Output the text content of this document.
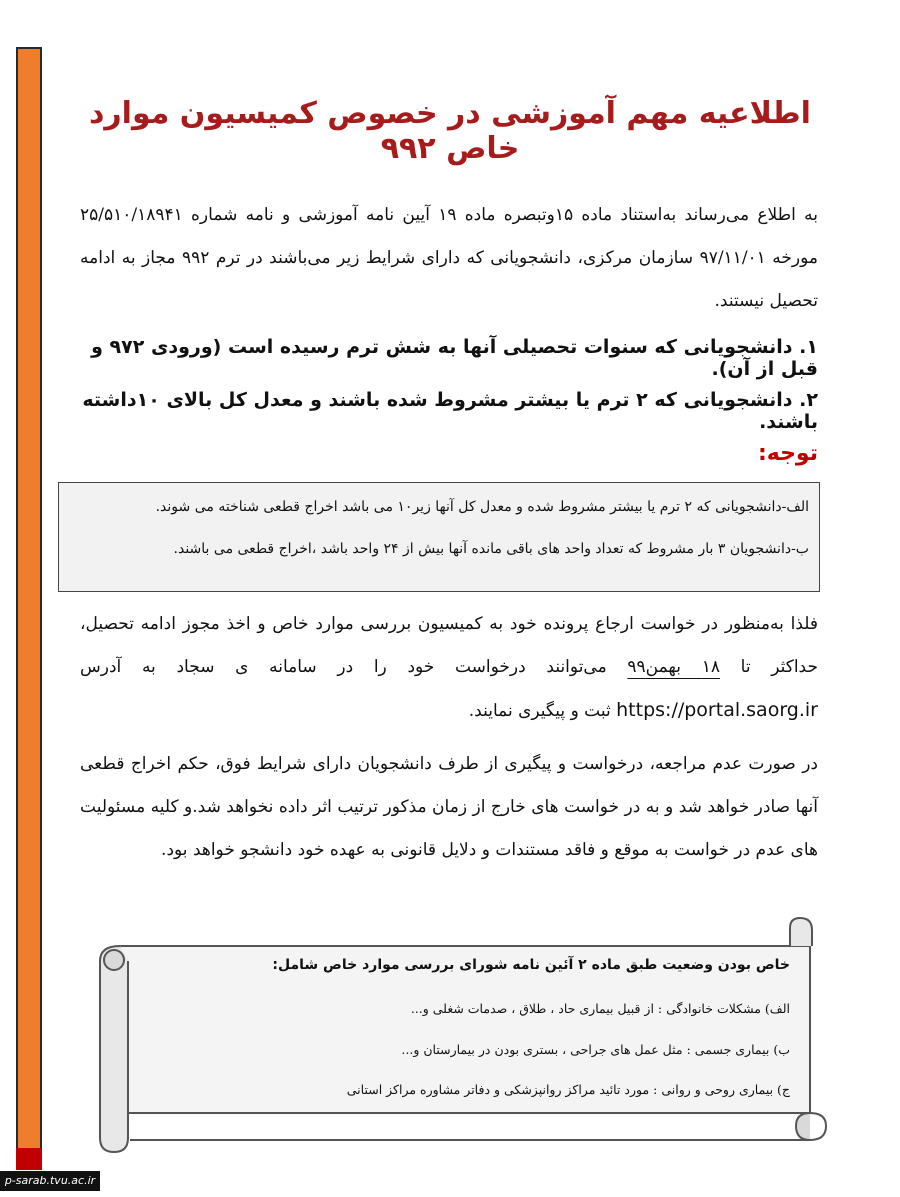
p-sarab.tvu.ac.ir
اطلاعیه مهم آموزشی در خصوص کمیسیون موارد خاص ۹۹۲

به اطلاع می‌رساند به‌استناد ماده ۱۵وتبصره ماده ۱۹ آیین نامه آموزشی و نامه شماره ۲۵/۵۱۰/۱۸۹۴۱ مورخه ۹۷/۱۱/۰۱ سازمان مرکزی، دانشجویانی که دارای شرایط زیر می‌باشند در ترم ۹۹۲ مجاز به ادامه تحصیل نیستند.

۱. دانشجویانی که سنوات تحصیلی آنها به شش ترم رسیده است (ورودی ۹۷۲ و قبل از آن).

۲. دانشجویانی که ۲ ترم یا بیشتر مشروط شده باشند و معدل کل بالای ۱۰داشته باشند.

توجه:

الف-دانشجویانی که ۲ ترم یا بیشتر مشروط شده و معدل کل آنها زیر۱۰ می باشد اخراج قطعی شناخته می شوند.

ب-دانشجویان ۳ بار مشروط که تعداد واحد های باقی مانده آنها بیش از ۲۴ واحد باشد ،اخراج قطعی می باشند.

فلذا به‌منظور در خواست ارجاع پرونده خود به کمیسیون بررسی موارد خاص و اخذ مجوز ادامه تحصیل، حداکثر تا ۱۸ بهمن۹۹ می‌توانند درخواست خود را در سامانه ی سجاد به آدرس https://portal.saorg.ir ثبت و پیگیری نمایند.

در صورت عدم مراجعه، درخواست و پیگیری از طرف دانشجویان دارای شرایط فوق، حکم اخراج قطعی آنها صادر خواهد شد و به در خواست های خارج از زمان مذکور ترتیب اثر داده نخواهد شد.و کلیه مسئولیت های عدم در خواست به موقع و فاقد مستندات و دلایل قانونی به عهده خود دانشجو خواهد بود.

خاص بودن وضعیت طبق ماده ۲ آئین نامه شورای بررسی موارد خاص شامل:

الف) مشکلات خانوادگی : از قبیل بیماری حاد ، طلاق ، صدمات شغلی و...

ب) بیماری جسمی : مثل عمل های جراحی ، بستری بودن در بیمارستان و...

ج) بیماری روحی و روانی : مورد تائید مراکز روانپزشکی و دفاتر مشاوره مراکز استانی
